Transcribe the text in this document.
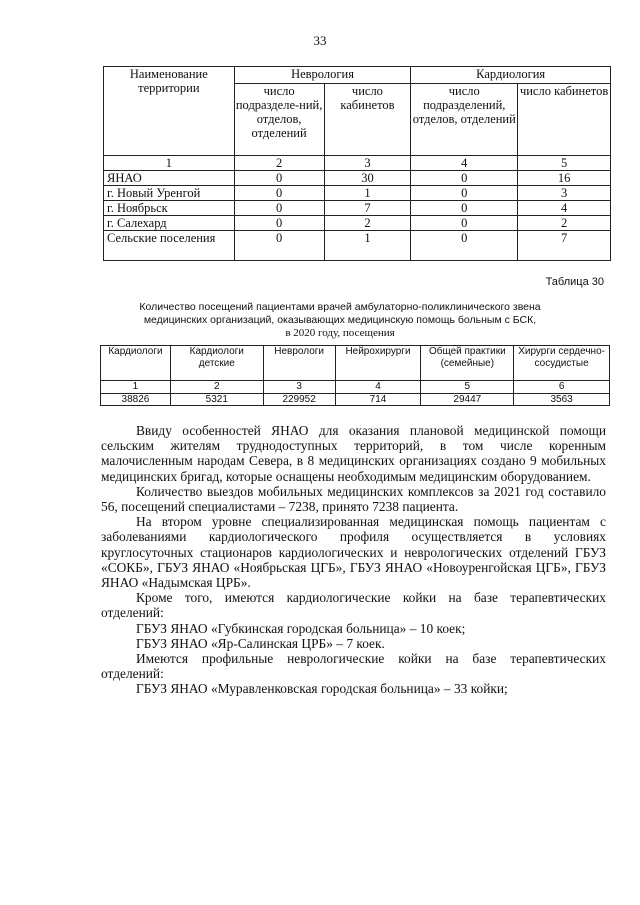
33
Наименование территории	Неврология		Кардиология	
	число подразделе-ний, отделов, отделений	число кабинетов	число подразделений, отделов, отделений	число кабинетов
1	2	3	4	5
ЯНАО	0	30	0	16
г. Новый Уренгой	0	1	0	3
г. Ноябрьск	0	7	0	4
г. Салехард	0	2	0	2
Сельские поселения	0	1	0	7
Таблица 30
Количество посещений пациентами врачей амбулаторно-поликлинического звена
медицинских организаций, оказывающих медицинскую помощь больным с БСК,
в 2020 году, посещения
Кардиологи	Кардиологи детские	Неврологи	Нейрохирурги	Общей практики (семейные)	Хирурги сердечно-сосудистые
1	2	3	4	5	6
38826	5321	229952	714	29447	3563

Ввиду особенностей ЯНАО для оказания плановой медицинской помощи сельским жителям труднодоступных территорий, в том числе коренным малочисленным народам Севера, в 8 медицинских организациях создано 9 мобильных медицинских бригад, которые оснащены необходимым медицинским оборудованием.

Количество выездов мобильных медицинских комплексов за 2021 год составило 56, посещений специалистами – 7238, принято 7238 пациента.

На втором уровне специализированная медицинская помощь пациентам с заболеваниями кардиологического профиля осуществляется в условиях круглосуточных стационаров кардиологических и неврологических отделений ГБУЗ «СОКБ», ГБУЗ ЯНАО «Ноябрьская ЦГБ», ГБУЗ ЯНАО «Новоуренгойская ЦГБ», ГБУЗ ЯНАО «Надымская ЦРБ».

Кроме того, имеются кардиологические койки на базе терапевтических отделений:

ГБУЗ ЯНАО «Губкинская городская больница» – 10 коек;

ГБУЗ ЯНАО «Яр-Салинская ЦРБ» – 7 коек.

Имеются профильные неврологические койки на базе терапевтических отделений:

ГБУЗ ЯНАО «Муравленковская городская больница» – 33 койки;
